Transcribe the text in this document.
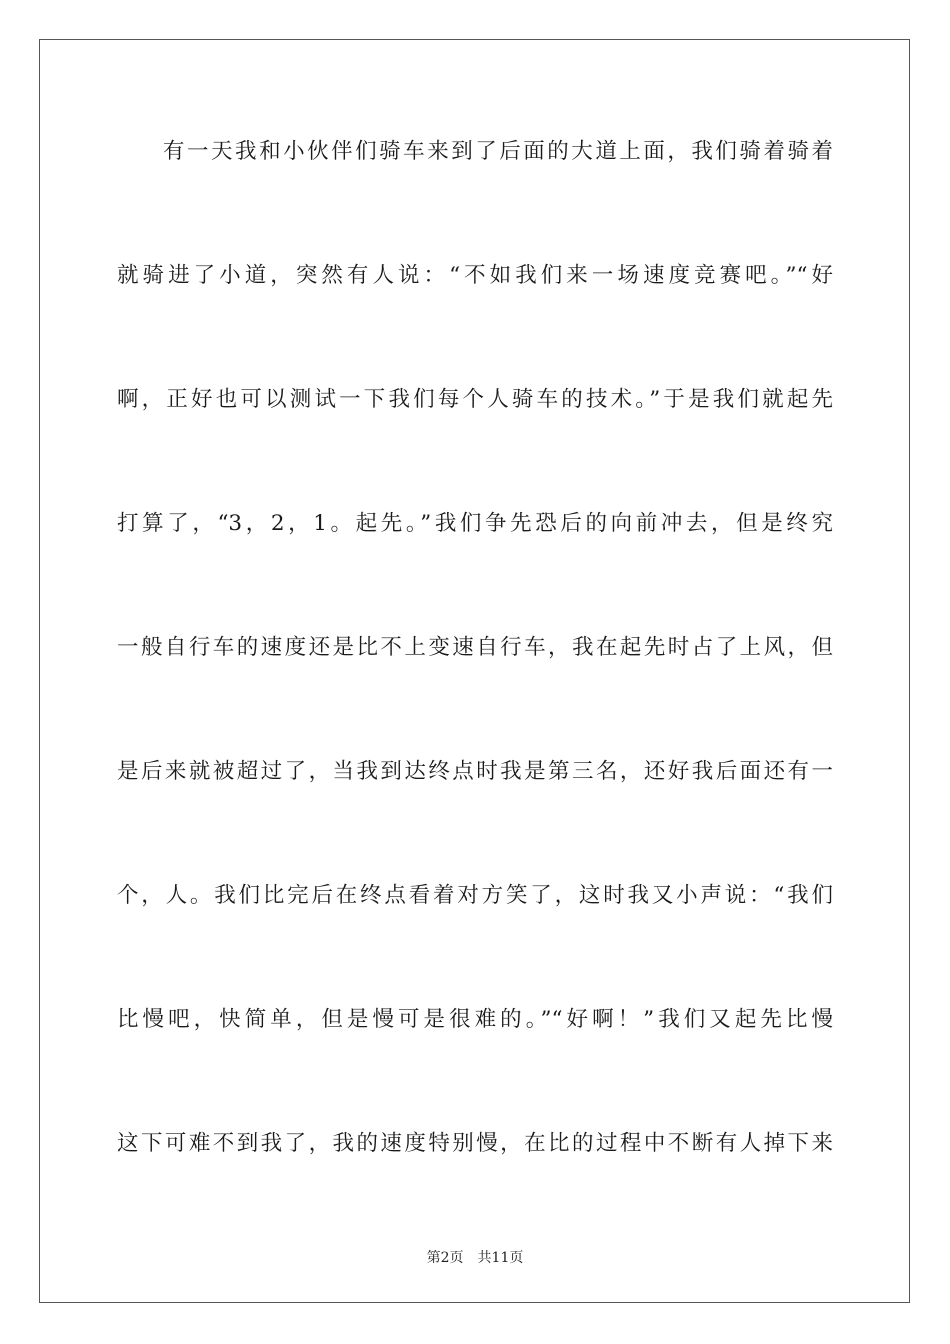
有一天我和小伙伴们骑车来到了后面的大道上面，我们骑着骑着
就骑进了小道，突然有人说：“不如我们来一场速度竞赛吧。”“好
啊，正好也可以测试一下我们每个人骑车的技术。”于是我们就起先
打算了，“3，2，1。起先。”我们争先恐后的向前冲去，但是终究
一般自行车的速度还是比不上变速自行车，我在起先时占了上风，但
是后来就被超过了，当我到达终点时我是第三名，还好我后面还有一
个，人。我们比完后在终点看着对方笑了，这时我又小声说：“我们
比慢吧，快简单，但是慢可是很难的。”“好啊！”我们又起先比慢
这下可难不到我了，我的速度特别慢，在比的过程中不断有人掉下来
第2页 共11页
